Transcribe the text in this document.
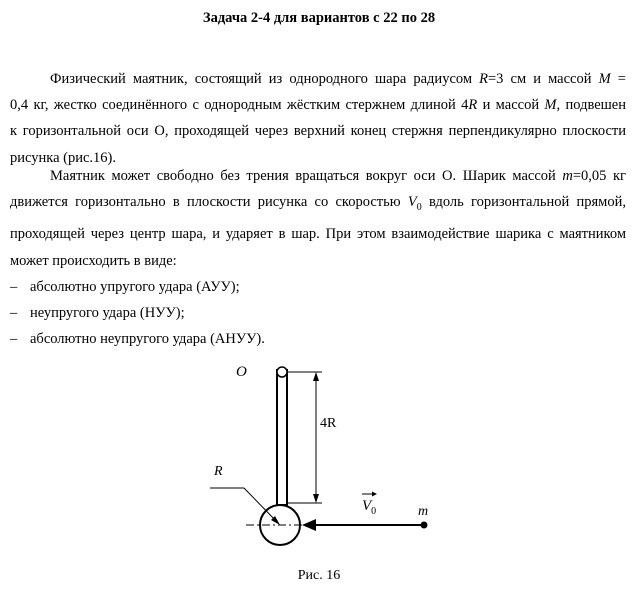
Задача 2-4 для вариантов с 22 по 28
Физический маятник, состоящий из однородного шара радиусом R=3 см и массой M =
0,4 кг, жестко соединённого с однородным жёстким стержнем длиной 4R и массой M, подвешен
к горизонтальной оси О, проходящей через верхний конец стержня перпендикулярно плоскости
рисунка (рис.16).
Маятник может свободно без трения вращаться вокруг оси О. Шарик массой m=0,05 кг
движется горизонтально в плоскости рисунка со скоростью $V_0$ вдоль горизонтальной прямой,
проходящей через центр шара, и ударяет в шар. При этом взаимодействие шарика с маятником
может происходить в виде:
– абсолютно упругого удара (АУУ);
– неупругого удара (НУУ);
– абсолютно неупругого удара (АНУУ).
O
4R
R
$V_0$	m
Рис. 16
